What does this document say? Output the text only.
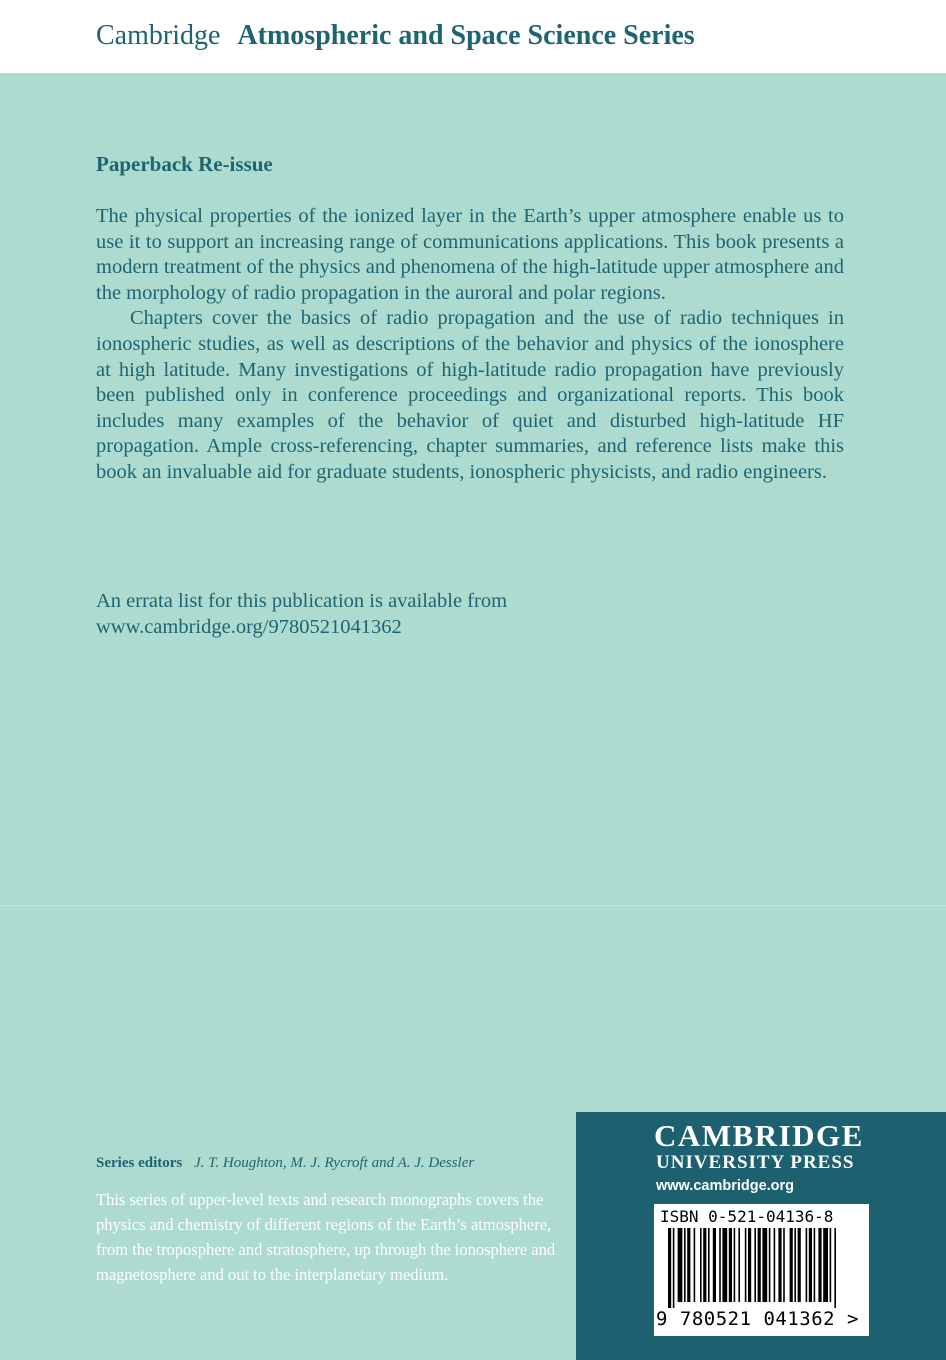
Cambridge Atmospheric and Space Science Series
Paperback Re-issue

The physical properties of the ionized layer in the Earth’s upper atmosphere enable us to use it to support an increasing range of communications applications. This book presents a modern treatment of the physics and phenomena of the high-latitude upper atmosphere and the morphology of radio propagation in the auroral and polar regions.

Chapters cover the basics of radio propagation and the use of radio techniques in ionospheric studies, as well as descriptions of the behavior and physics of the ionosphere at high latitude. Many investigations of high-latitude radio propagation have previously been published only in conference proceedings and organizational reports. This book includes many examples of the behavior of quiet and disturbed high-latitude HF propagation. Ample cross-referencing, chapter summaries, and reference lists make this book an invaluable aid for graduate students, ionospheric physicists, and radio engineers.

An errata list for this publication is available from
www.cambridge.org/9780521041362
Series editors J. T. Houghton, M. J. Rycroft and A. J. Dessler
This series of upper-level texts and research monographs covers the physics and chemistry of different regions of the Earth’s atmosphere, from the troposphere and stratosphere, up through the ionosphere and magnetosphere and out to the interplanetary medium.
CAMBRIDGE
UNIVERSITY PRESS
www.cambridge.org
ISBN 0-521-04136-8
9 780521 041362 >
